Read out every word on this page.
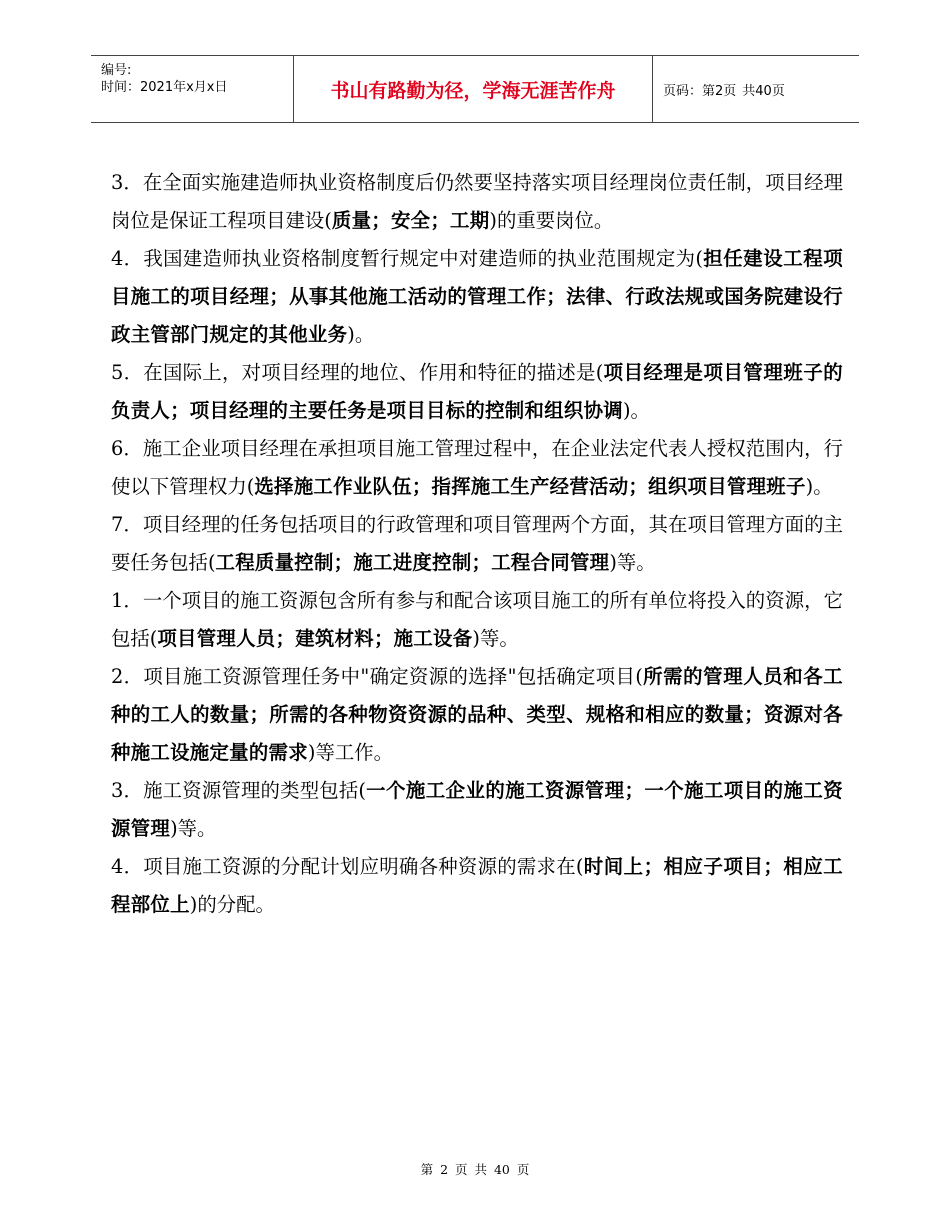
编号:
时间：2021年x月x日	书山有路勤为径，学海无涯苦作舟	页码：第2页 共40页

3．在全面实施建造师执业资格制度后仍然要坚持落实项目经理岗位责任制，项目经理岗位是保证工程项目建设(质量；安全；工期)的重要岗位。

4．我国建造师执业资格制度暂行规定中对建造师的执业范围规定为(担任建设工程项目施工的项目经理；从事其他施工活动的管理工作；法律、行政法规或国务院建设行政主管部门规定的其他业务)。

5．在国际上，对项目经理的地位、作用和特征的描述是(项目经理是项目管理班子的负责人；项目经理的主要任务是项目目标的控制和组织协调)。

6．施工企业项目经理在承担项目施工管理过程中，在企业法定代表人授权范围内，行使以下管理权力(选择施工作业队伍；指挥施工生产经营活动；组织项目管理班子)。

7．项目经理的任务包括项目的行政管理和项目管理两个方面，其在项目管理方面的主要任务包括(工程质量控制；施工进度控制；工程合同管理)等。

1．一个项目的施工资源包含所有参与和配合该项目施工的所有单位将投入的资源，它包括(项目管理人员；建筑材料；施工设备)等。

2．项目施工资源管理任务中"确定资源的选择"包括确定项目(所需的管理人员和各工种的工人的数量；所需的各种物资资源的品种、类型、规格和相应的数量；资源对各种施工设施定量的需求)等工作。

3．施工资源管理的类型包括(一个施工企业的施工资源管理；一个施工项目的施工资源管理)等。

4．项目施工资源的分配计划应明确各种资源的需求在(时间上；相应子项目；相应工程部位上)的分配。

第 2 页 共 40 页
